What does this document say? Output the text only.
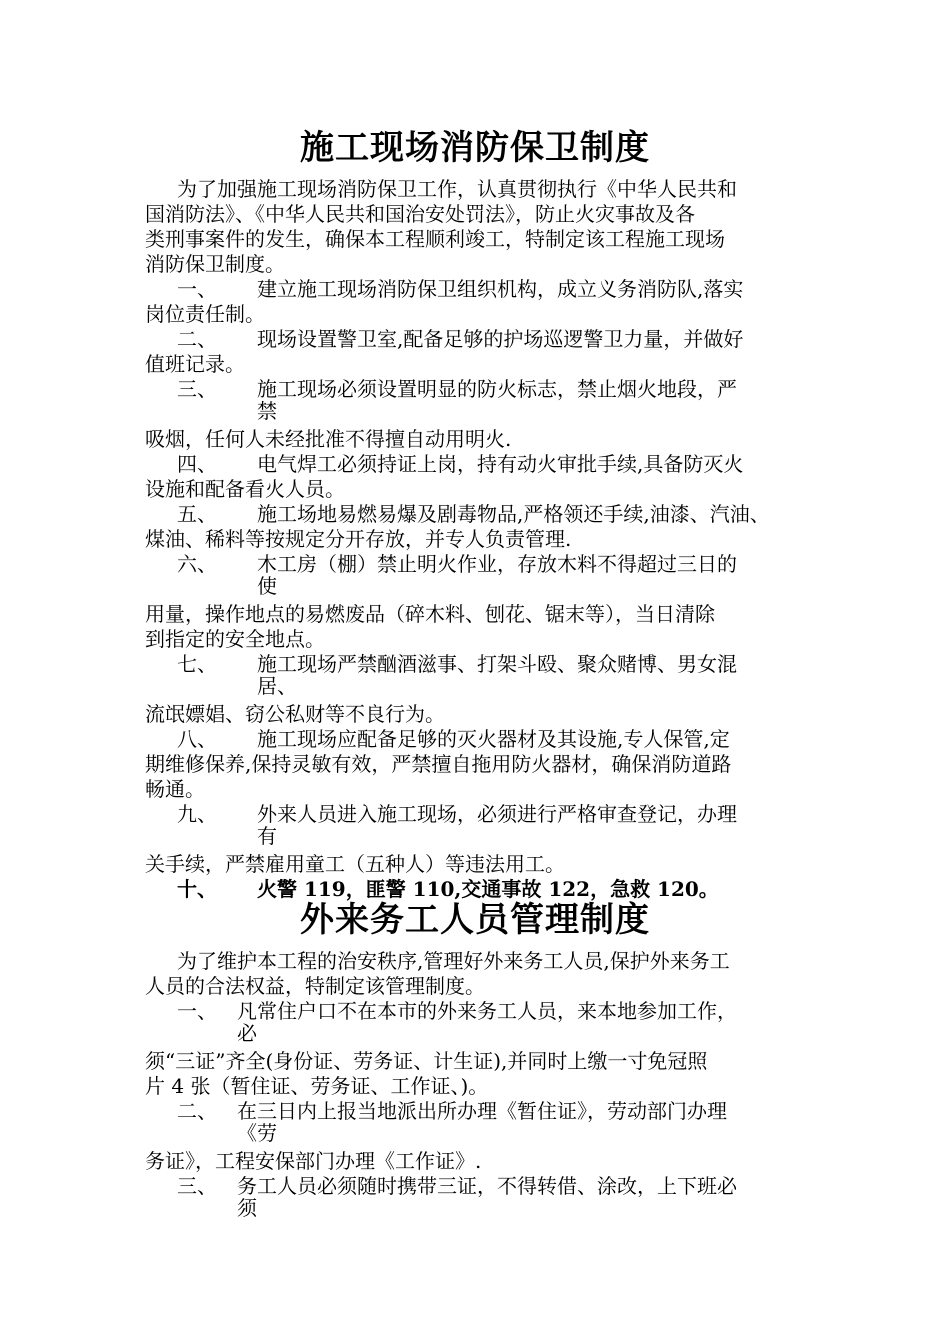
施工现场消防保卫制度
为了加强施工现场消防保卫工作，认真贯彻执行《中华人民共和
国消防法》、《中华人民共和国治安处罚法》，防止火灾事故及各
类刑事案件的发生，确保本工程顺利竣工，特制定该工程施工现场
消防保卫制度。
一、 建立施工现场消防保卫组织机构，成立义务消防队,落实
岗位责任制。
二、 现场设置警卫室,配备足够的护场巡逻警卫力量，并做好
值班记录。
三、 施工现场必须设置明显的防火标志，禁止烟火地段，严
禁
吸烟，任何人未经批准不得擅自动用明火.
四、 电气焊工必须持证上岗，持有动火审批手续,具备防灭火
设施和配备看火人员。
五、 施工场地易燃易爆及剧毒物品,严格领还手续,油漆、汽油、
煤油、稀料等按规定分开存放，并专人负责管理.
六、 木工房（棚）禁止明火作业，存放木料不得超过三日的
使
用量，操作地点的易燃废品（碎木料、刨花、锯末等），当日清除
到指定的安全地点。
七、 施工现场严禁酗酒滋事、打架斗殴、聚众赌博、男女混
居、
流氓嫖娼、窃公私财等不良行为。
八、 施工现场应配备足够的灭火器材及其设施,专人保管,定
期维修保养,保持灵敏有效，严禁擅自拖用防火器材，确保消防道路
畅通。
九、 外来人员进入施工现场，必须进行严格审查登记，办理
有
关手续，严禁雇用童工（五种人）等违法用工。
十、 火警 119，匪警 110,交通事故 122，急救 120。
外来务工人员管理制度
为了维护本工程的治安秩序,管理好外来务工人员,保护外来务工
人员的合法权益，特制定该管理制度。
一、 凡常住户口不在本市的外来务工人员，来本地参加工作，
必
须“三证”齐全(身份证、劳务证、计生证),并同时上缴一寸免冠照
片 4 张（暂住证、劳务证、工作证、)。
二、 在三日内上报当地派出所办理《暂住证》，劳动部门办理
《劳
务证》，工程安保部门办理《工作证》.
三、 务工人员必须随时携带三证，不得转借、涂改，上下班必
须
